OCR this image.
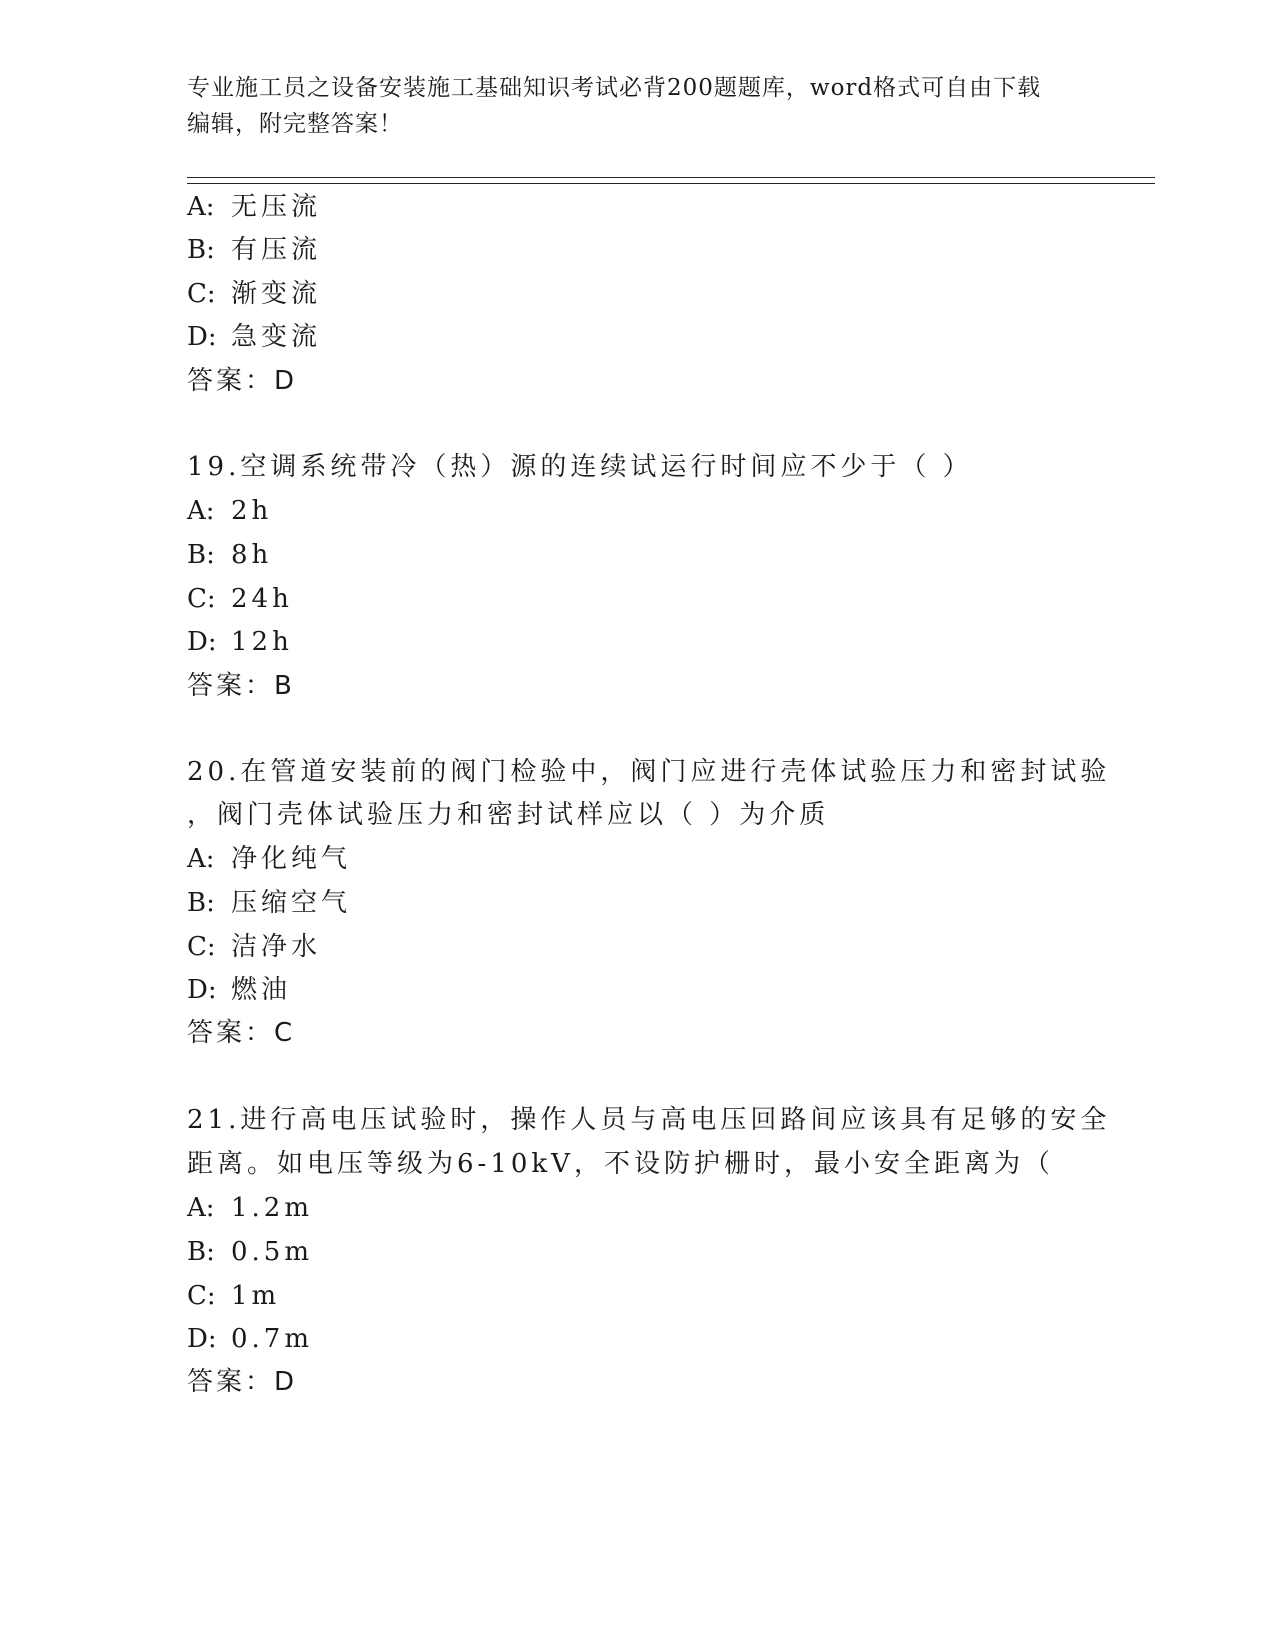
专业施工员之设备安装施工基础知识考试必背200题题库，word格式可自由下载
编辑，附完整答案！
A: 无压流
B: 有压流
C: 渐变流
D: 急变流
答案：D
19.空调系统带冷（热）源的连续试运行时间应不少于（ ）
A: 2h
B: 8h
C: 24h
D: 12h
答案：B
20.在管道安装前的阀门检验中，阀门应进行壳体试验压力和密封试验
，阀门壳体试验压力和密封试样应以（ ）为介质
A: 净化纯气
B: 压缩空气
C: 洁净水
D: 燃油
答案：C
21.进行高电压试验时，操作人员与高电压回路间应该具有足够的安全
距离。如电压等级为6-10kV，不设防护栅时，最小安全距离为（
A: 1.2m
B: 0.5m
C: 1m
D: 0.7m
答案：D
